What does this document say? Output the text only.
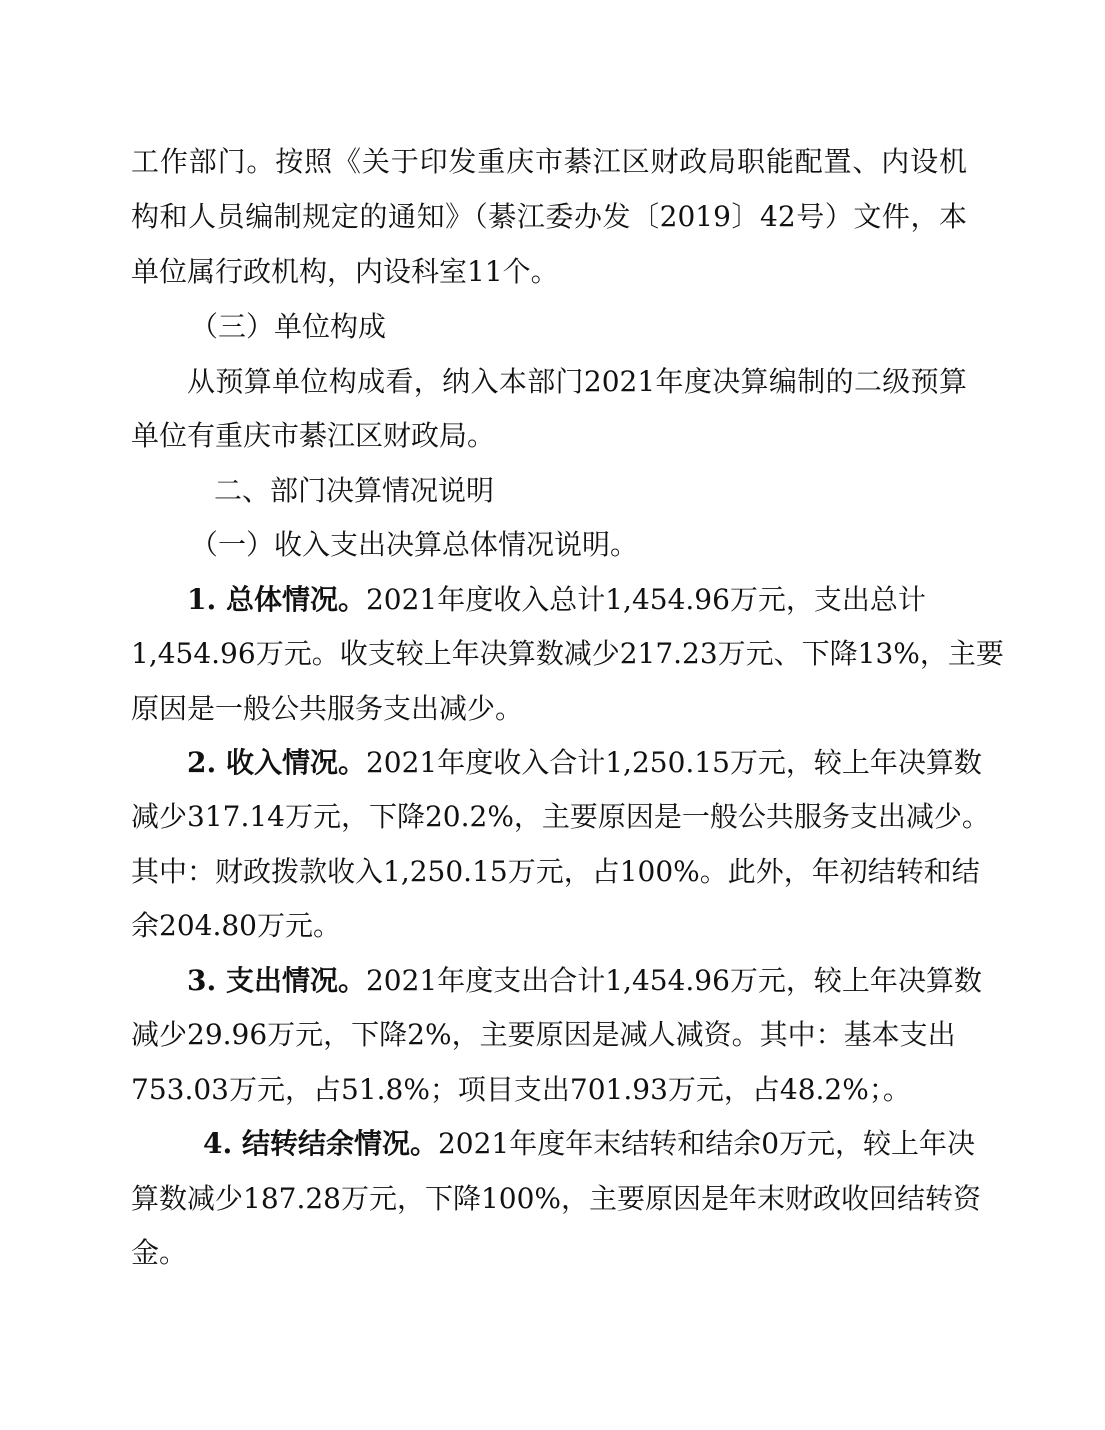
工作部门。按照《关于印发重庆市綦江区财政局职能配置、内设机

构和人员编制规定的通知》（綦江委办发〔2019〕42号）文件，本

单位属行政机构，内设科室11个。

（三）单位构成

从预算单位构成看，纳入本部门2021年度决算编制的二级预算

单位有重庆市綦江区财政局。

二、部门决算情况说明

（一）收入支出决算总体情况说明。

1. 总体情况。2021年度收入总计1,454.96万元，支出总计

1,454.96万元。收支较上年决算数减少217.23万元、下降13%，主要

原因是一般公共服务支出减少。

2. 收入情况。2021年度收入合计1,250.15万元，较上年决算数

减少317.14万元，下降20.2%，主要原因是一般公共服务支出减少。

其中：财政拨款收入1,250.15万元，占100%。此外，年初结转和结

余204.80万元。

3. 支出情况。2021年度支出合计1,454.96万元，较上年决算数

减少29.96万元，下降2%，主要原因是减人减资。其中：基本支出

753.03万元，占51.8%；项目支出701.93万元，占48.2%；。

4. 结转结余情况。2021年度年末结转和结余0万元，较上年决

算数减少187.28万元，下降100%，主要原因是年末财政收回结转资

金。
